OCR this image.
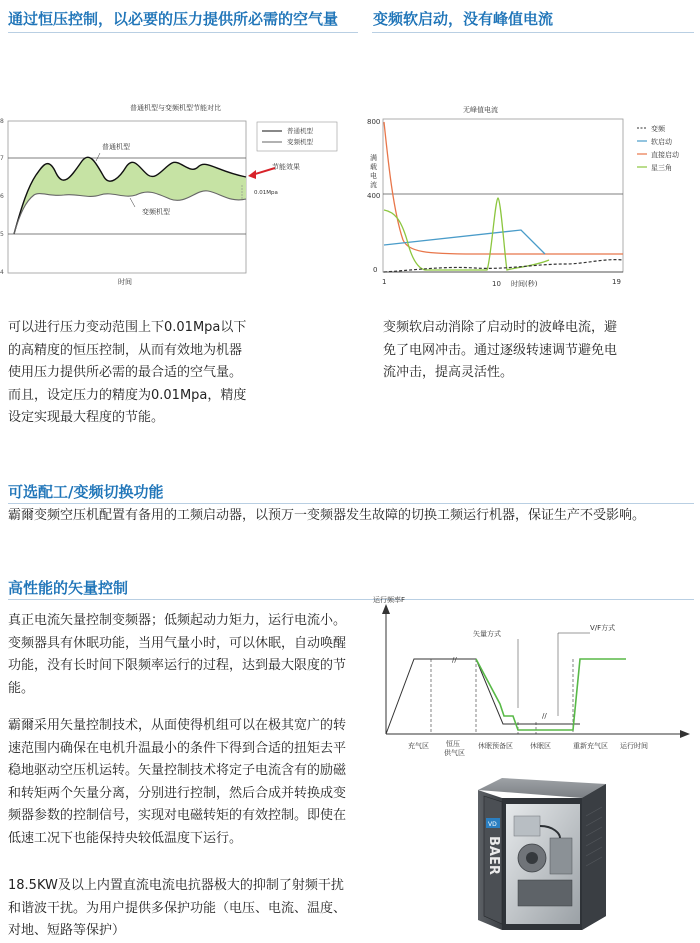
通过恒压控制，以必要的压力提供所必需的空气量
普通机型与变频机型节能对比
8
7
6
5
4
0.01Mpa
节能效果
普通机型
变频机型
普通机型
变频机型
时间

可以进行压力变动范围上下0.01Mpa以下

的高精度的恒压控制，从而有效地为机器

使用压力提供所必需的最合适的空气量。

而且，设定压力的精度为0.01Mpa，精度

设定实现最大程度的节能。

变频软启动，没有峰值电流
无峰值电流
800
400
0
1	10	19
时间(秒)
满
载
电
流
变频
软启动
直接启动
星三角

变频软启动消除了启动时的波峰电流，避

免了电网冲击。通过逐级转速调节避免电

流冲击，提高灵活性。

可选配工/变频切换功能
霸爾变频空压机配置有备用的工频启动器，以预万一变频器发生故障的切换工频运行机器，保证生产不受影响。
高性能的矢量控制

真正电流矢量控制变频器；低频起动力矩力，运行电流小。

变频器具有休眠功能，当用气量小时，可以休眠，自动唤醒

功能，没有长时间下限频率运行的过程，达到最大限度的节

能。

霸爾采用矢量控制技术，从面使得机组可以在极其宽广的转

速范围内确保在电机升温最小的条件下得到合适的扭矩去平

稳地驱动空压机运转。矢量控制技术将定子电流含有的励磁

和转矩两个矢量分离，分别进行控制，然后合成并转换成变

频器参数的控制信号，实现对电磁转矩的有效控制。即使在

低速工况下也能保持央较低温度下运行。

18.5KW及以上内置直流电流电抗器极大的抑制了射频干扰

和谐波干扰。为用户提供多保护功能（电压、电流、温度、

对地、短路等保护）

运行频率F
运行时间
//
//
矢量方式
V/F方式
充气区 恒压
供气区
休眠预备区 休眠区	重新充气区
BAER
VD
